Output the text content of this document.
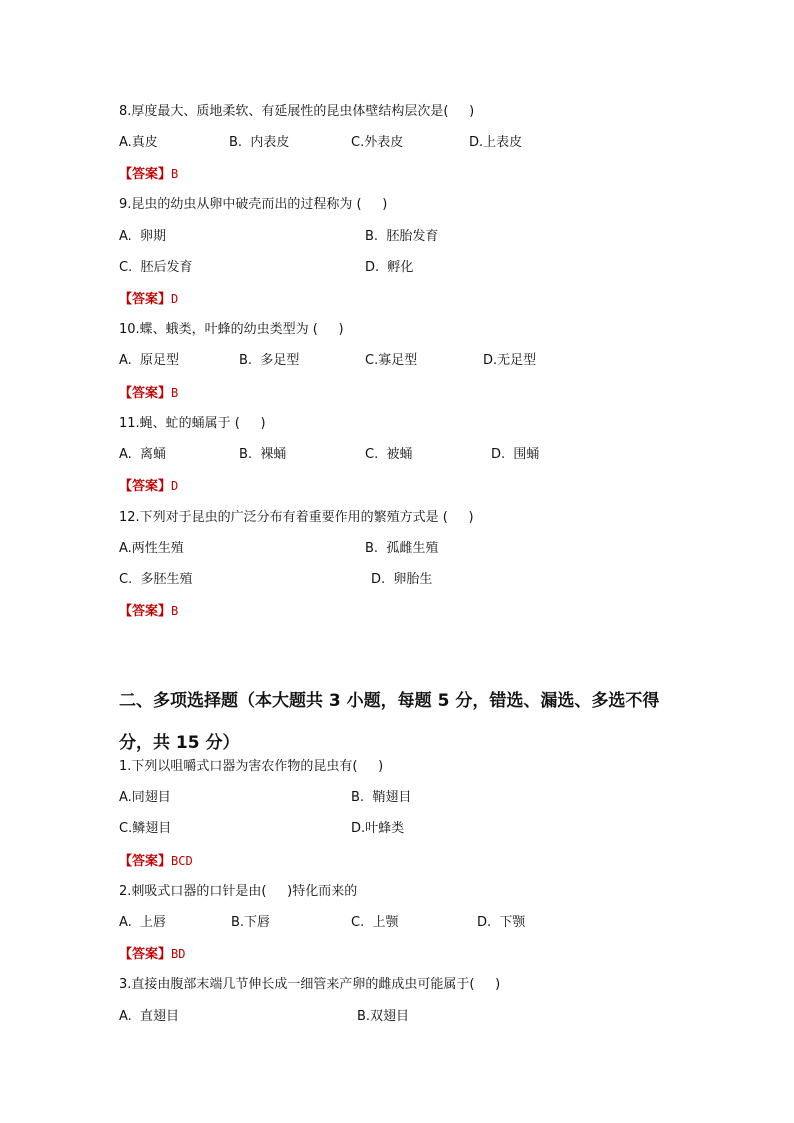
8.厚度最大、质地柔软、有延展性的昆虫体壁结构层次是(     )
A.真皮	B.  内表皮	C.外表皮	D.上表皮
【答案】B
9.昆虫的幼虫从卵中破壳而出的过程称为 (     )
A.  卵期	B.  胚胎发育
C.  胚后发育	D.  孵化
【答案】D
10.蝶、蛾类，叶蜂的幼虫类型为 (     )
A.  原足型	B.  多足型	C.寡足型	D.无足型
【答案】B
11.蝇、虻的蛹属于 (     )
A.  离蛹	B.  裸蛹	C.  被蛹	D.  围蛹
【答案】D
12.下列对于昆虫的广泛分布有着重要作用的繁殖方式是 (     )
A.两性生殖	B.  孤雌生殖
C.  多胚生殖	D.  卵胎生
【答案】B
二、多项选择题（本大题共 3 小题，每题 5 分，错选、漏选、多选不得分，共 15 分）
1.下列以咀嚼式口器为害农作物的昆虫有(     )
A.同翅目	B.  鞘翅目
C.鳞翅目	D.叶蜂类
【答案】BCD
2.刺吸式口器的口针是由(     )特化而来的
A.  上唇	B.下唇	C.  上颚	D.  下颚
【答案】BD
3.直接由腹部末端几节伸长成一细管来产卵的雌成虫可能属于(     )
A.  直翅目	B.双翅目
